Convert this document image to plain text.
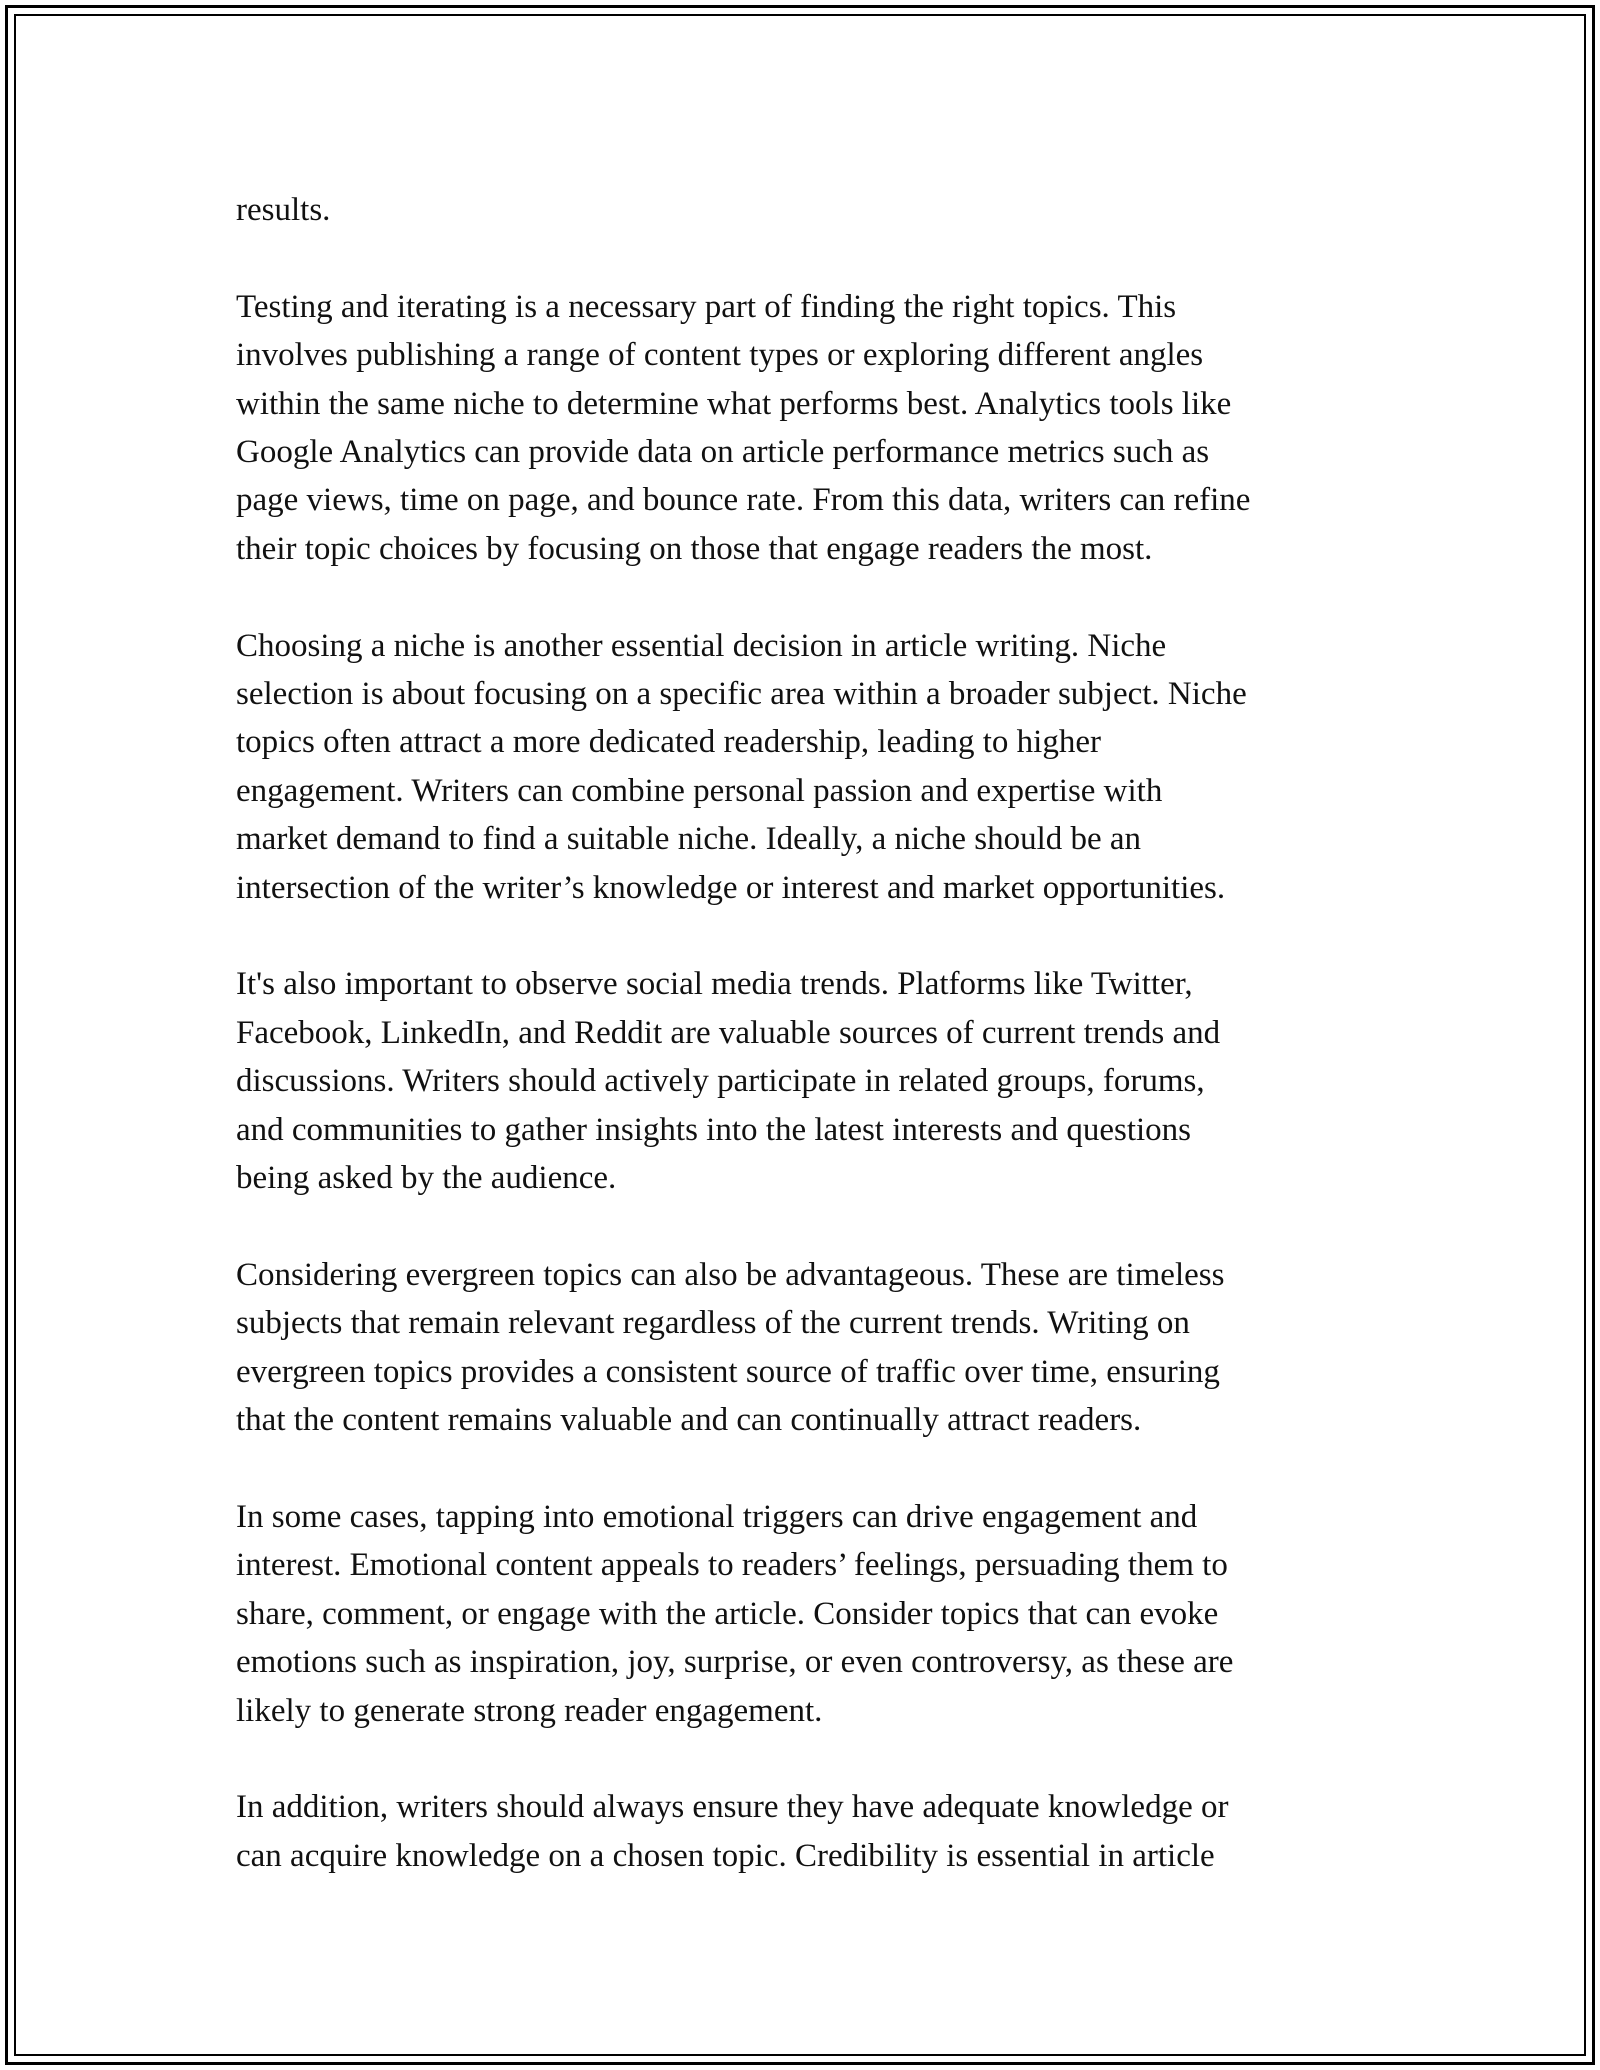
results.

Testing and iterating is a necessary part of finding the right topics. This
involves publishing a range of content types or exploring different angles
within the same niche to determine what performs best. Analytics tools like
Google Analytics can provide data on article performance metrics such as
page views, time on page, and bounce rate. From this data, writers can refine
their topic choices by focusing on those that engage readers the most.

Choosing a niche is another essential decision in article writing. Niche
selection is about focusing on a specific area within a broader subject. Niche
topics often attract a more dedicated readership, leading to higher
engagement. Writers can combine personal passion and expertise with
market demand to find a suitable niche. Ideally, a niche should be an
intersection of the writer’s knowledge or interest and market opportunities.

It's also important to observe social media trends. Platforms like Twitter,
Facebook, LinkedIn, and Reddit are valuable sources of current trends and
discussions. Writers should actively participate in related groups, forums,
and communities to gather insights into the latest interests and questions
being asked by the audience.

Considering evergreen topics can also be advantageous. These are timeless
subjects that remain relevant regardless of the current trends. Writing on
evergreen topics provides a consistent source of traffic over time, ensuring
that the content remains valuable and can continually attract readers.

In some cases, tapping into emotional triggers can drive engagement and
interest. Emotional content appeals to readers’ feelings, persuading them to
share, comment, or engage with the article. Consider topics that can evoke
emotions such as inspiration, joy, surprise, or even controversy, as these are
likely to generate strong reader engagement.

In addition, writers should always ensure they have adequate knowledge or
can acquire knowledge on a chosen topic. Credibility is essential in article
